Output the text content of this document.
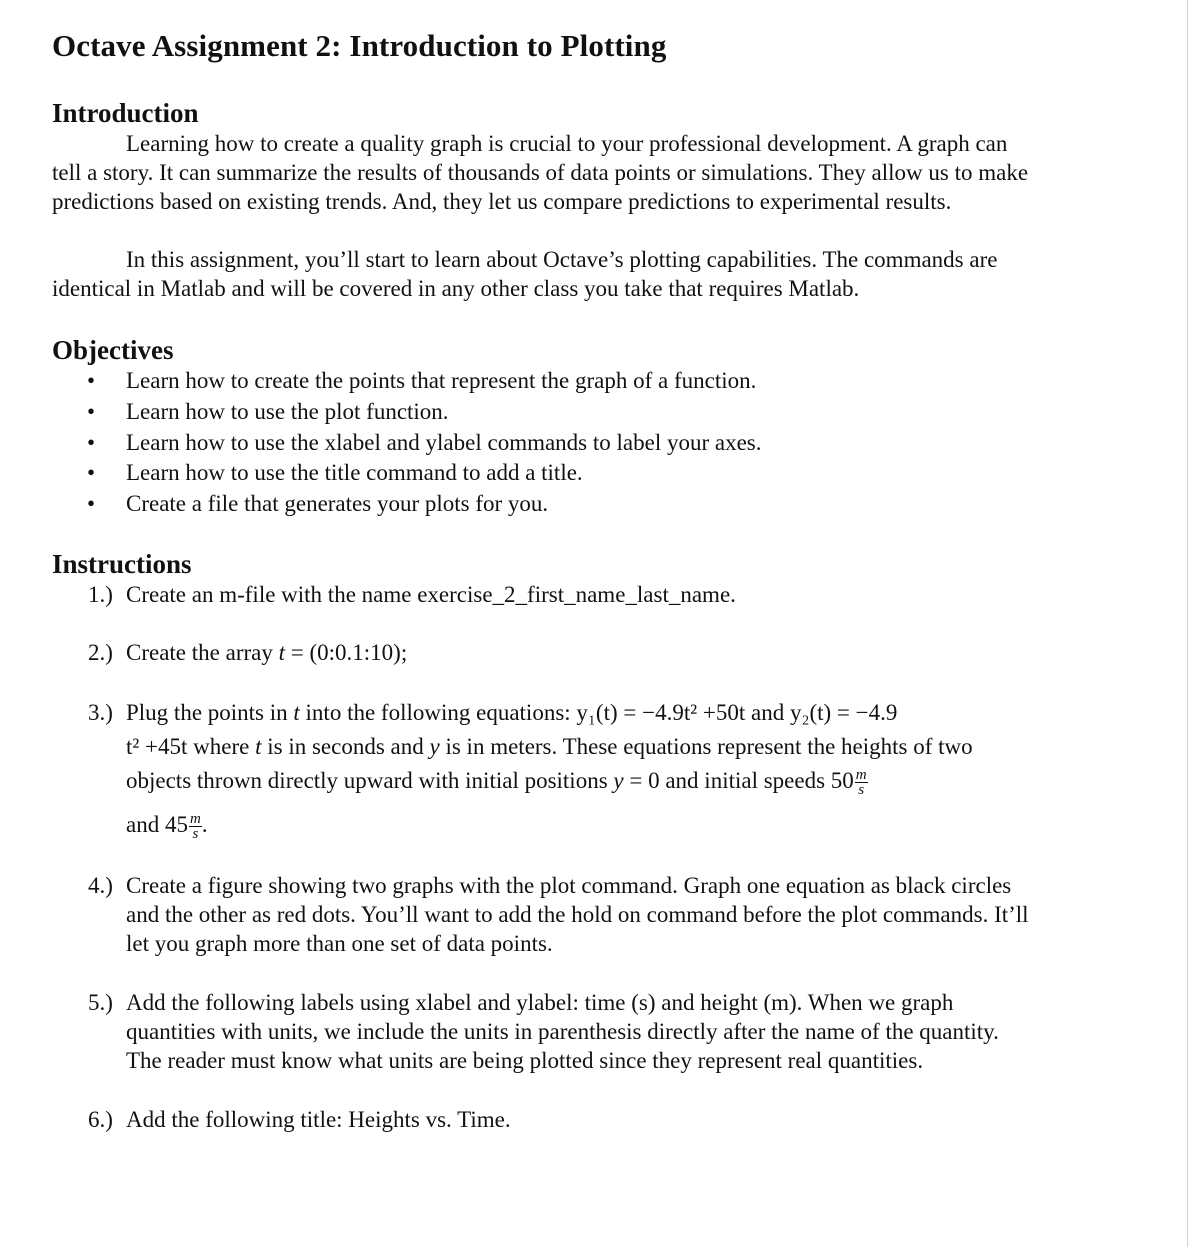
Octave Assignment 2: Introduction to Plotting
Introduction

Learning how to create a quality graph is crucial to your professional development. A graph can tell a story. It can summarize the results of thousands of data points or simulations. They allow us to make predictions based on existing trends. And, they let us compare predictions to experimental results.

In this assignment, you’ll start to learn about Octave’s plotting capabilities. The commands are identical in Matlab and will be covered in any other class you take that requires Matlab.

Objectives
• Learn how to create the points that represent the graph of a function.
• Learn how to use the plot function.
• Learn how to use the xlabel and ylabel commands to label your axes.
• Learn how to use the title command to add a title.
• Create a file that generates your plots for you.
Instructions
1.) Create an m-file with the name exercise_2_first_name_last_name.
2.) Create the array t = (0:0.1:10);
3.) Plug the points in t into the following equations: y₁(t) = −4.9t² +50t and y₂(t) = −4.9
t² +45t where t is in seconds and y is in meters. These equations represent the heights of two objects thrown directly upward with initial positions y = 0 and initial speeds $50 \frac{m}{s}$

and $45 \frac{m}{s}$ .
4.) Create a figure showing two graphs with the plot command. Graph one equation as black circles and the other as red dots. You’ll want to add the hold on command before the plot commands. It’ll let you graph more than one set of data points.
5.) Add the following labels using xlabel and ylabel: time (s) and height (m). When we graph quantities with units, we include the units in parenthesis directly after the name of the quantity. The reader must know what units are being plotted since they represent real quantities.
6.) Add the following title: Heights vs. Time.
